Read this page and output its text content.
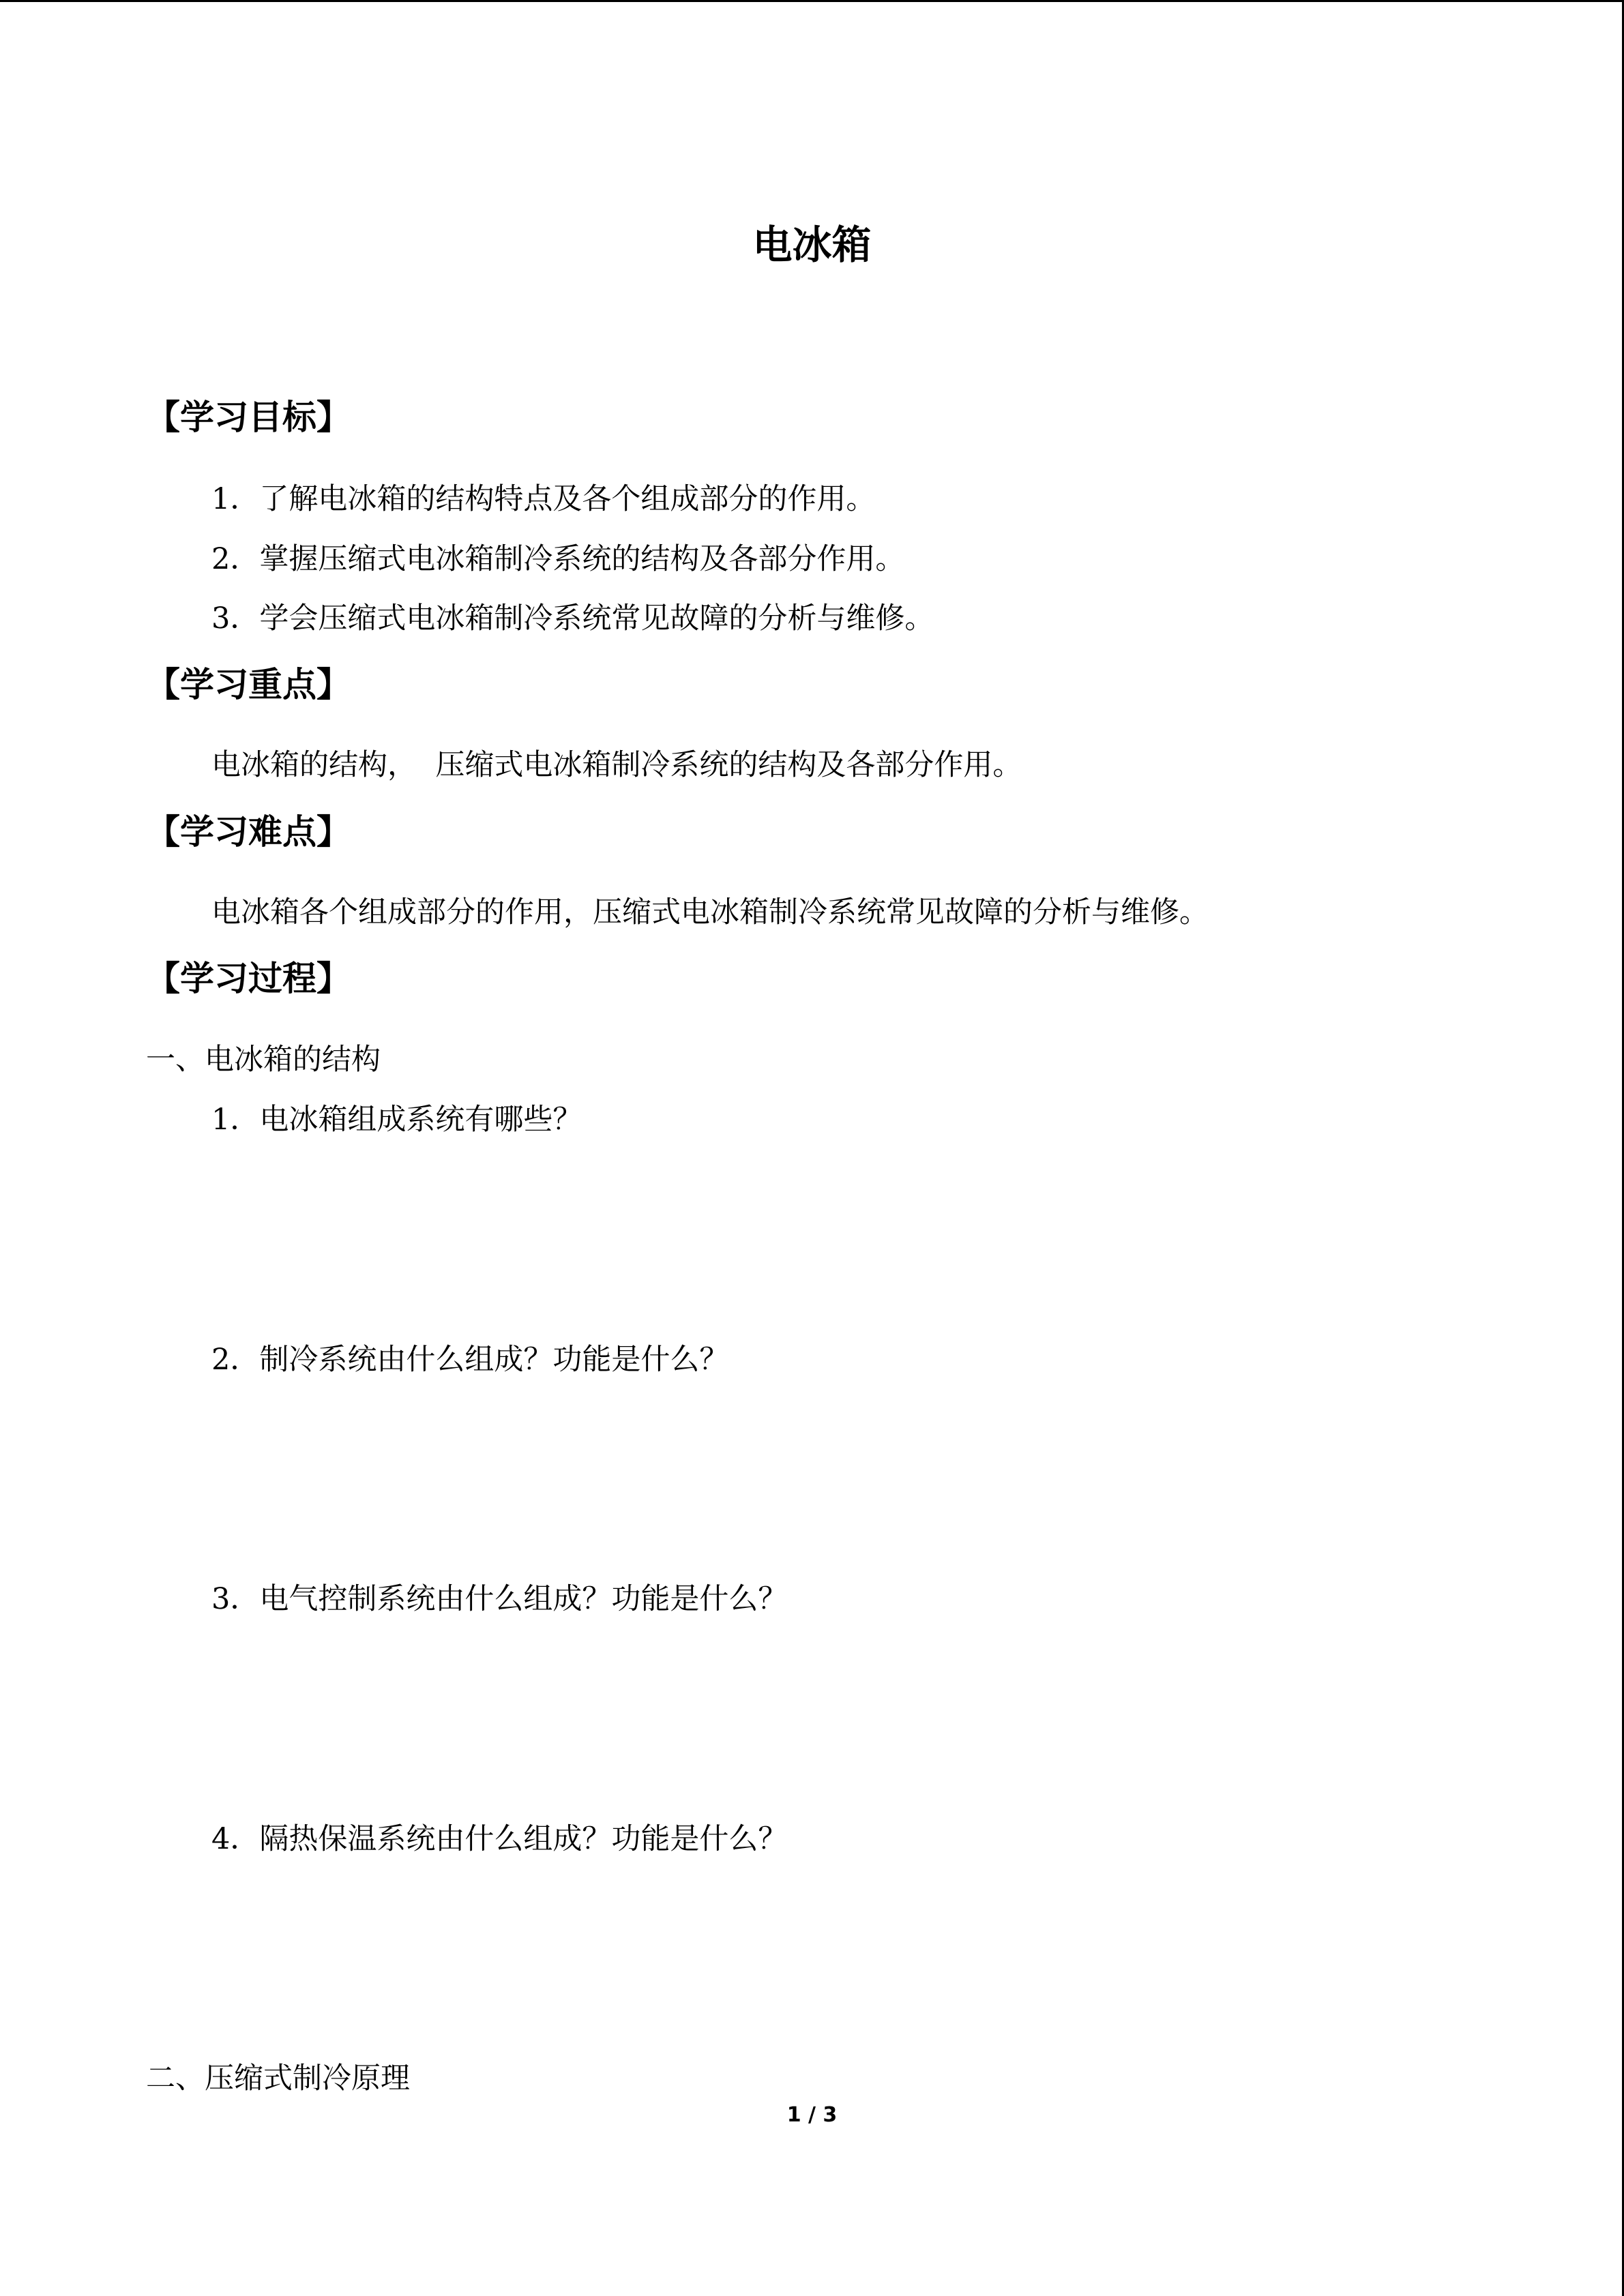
电冰箱
【学习目标】
1．了解电冰箱的结构特点及各个组成部分的作用。
2．掌握压缩式电冰箱制冷系统的结构及各部分作用。
3．学会压缩式电冰箱制冷系统常见故障的分析与维修。
【学习重点】
电冰箱的结构，  压缩式电冰箱制冷系统的结构及各部分作用。
【学习难点】
电冰箱各个组成部分的作用，压缩式电冰箱制冷系统常见故障的分析与维修。
【学习过程】
一、电冰箱的结构
1．电冰箱组成系统有哪些？
2．制冷系统由什么组成？功能是什么？
3．电气控制系统由什么组成？功能是什么？
4．隔热保温系统由什么组成？功能是什么？
二、压缩式制冷原理
1 / 3
